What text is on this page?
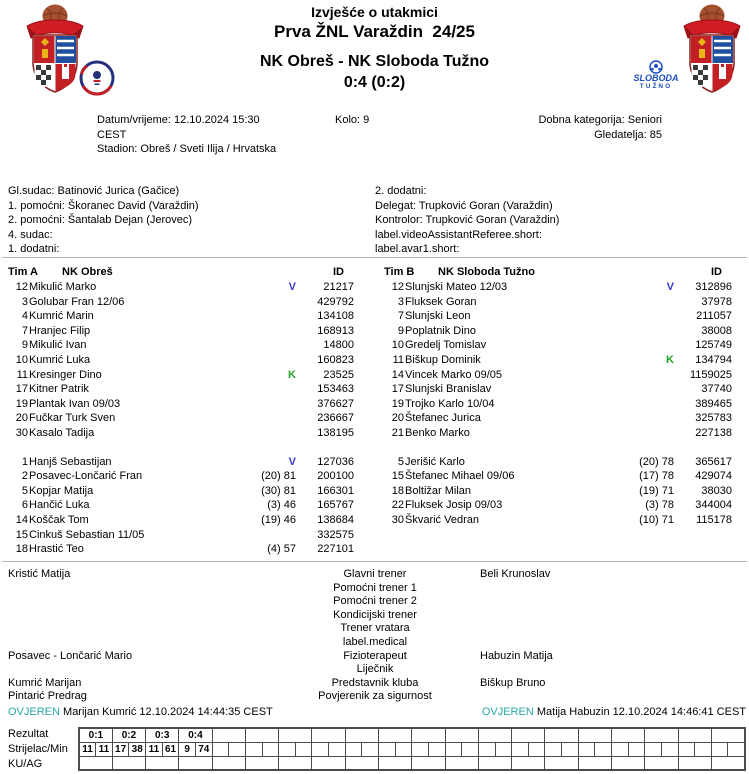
Izvješće o utakmici
Prva ŽNL Varaždin  24/25
NK Obreš - NK Sloboda Tužno
0:4 (0:2)	SLOBODA
TUŽNO
Datum/vrijeme: 12.10.2024 15:30
CEST
Stadion: Obreš / Sveti Ilija / Hrvatska
Kolo: 9	Dobna kategorija: Seniori
Gledatelja: 85
Gl.sudac: Batinović Jurica (Gačice)
1. pomoćni: Škoranec David (Varaždin)
2. pomoćni: Šantalab Dejan (Jerovec)
4. sudac:
1. dodatni:
2. dodatni:
Delegat: Trupković Goran (Varaždin)
Kontrolor: Trupković Goran (Varaždin)
label.videoAssistantReferee.short:
label.avar1.short:
Tim A	NK Obreš	ID
12 Mikulić Marko	V	21217
3 Golubar Fran 12/06	429792
4 Kumrić Marin	134108
7 Hranjec Filip	168913
9 Mikulić Ivan	14800
10 Kumrić Luka	160823
11 Kresinger Dino	K	23525
17 Kitner Patrik	153463
19 Plantak Ivan 09/03	376627
20 Fučkar Turk Sven	236667
30 Kasalo Tadija	138195
1 Hanjš Sebastijan	V	127036
2 Posavec-Lončarić Fran	(20) 81	200100
5 Kopjar Matija	(30) 81	166301
6 Hančić Luka	(3) 46	165767
14 Koščak Tom	(19) 46	138684
15 Cinkuš Sebastian 11/05	332575
18 Hrastić Teo	(4) 57	227101
Tim B	NK Sloboda Tužno	ID
12 Slunjski Mateo 12/03	V	312896
3 Fluksek Goran	37978
7 Slunjski Leon	211057
9 Poplatnik Dino	38008
10 Gredelj Tomislav	125749
11 Biškup Dominik	K	134794
14 Vincek Marko 09/05	1159025
17 Slunjski Branislav	37740
19 Trojko Karlo 10/04	389465
20 Štefanec Jurica	325783
21 Benko Marko	227138
5 Jerišić Karlo	(20) 78	365617
15 Štefanec Mihael 09/06	(17) 78	429074
18 Boltižar Milan	(19) 71	38030
22 Fluksek Josip 09/03	(3) 78	344004
30 Škvarić Vedran	(10) 71	115178
Kristić Matija	Glavni trener	Beli Krunoslav
Pomoćni trener 1
Pomoćni trener 2
Kondicijski trener
Trener vratara
label.medical
Posavec - Lončarić Mario	Fizioterapeut	Habuzin Matija
Liječnik
Kumrić Marijan	Predstavnik kluba	Biškup Bruno
Pintarić Predrag	Povjerenik za sigurnost
OVJEREN Marijan Kumrić 12.10.2024 14:44:35 CEST	OVJEREN Matija Habuzin 12.10.2024 14:46:41 CEST
Rezultat
Strijelac/Min
KU/AG
0:1		0:2		0:3		0:4																																	
11	11	17	38	11	61	9	74																																
